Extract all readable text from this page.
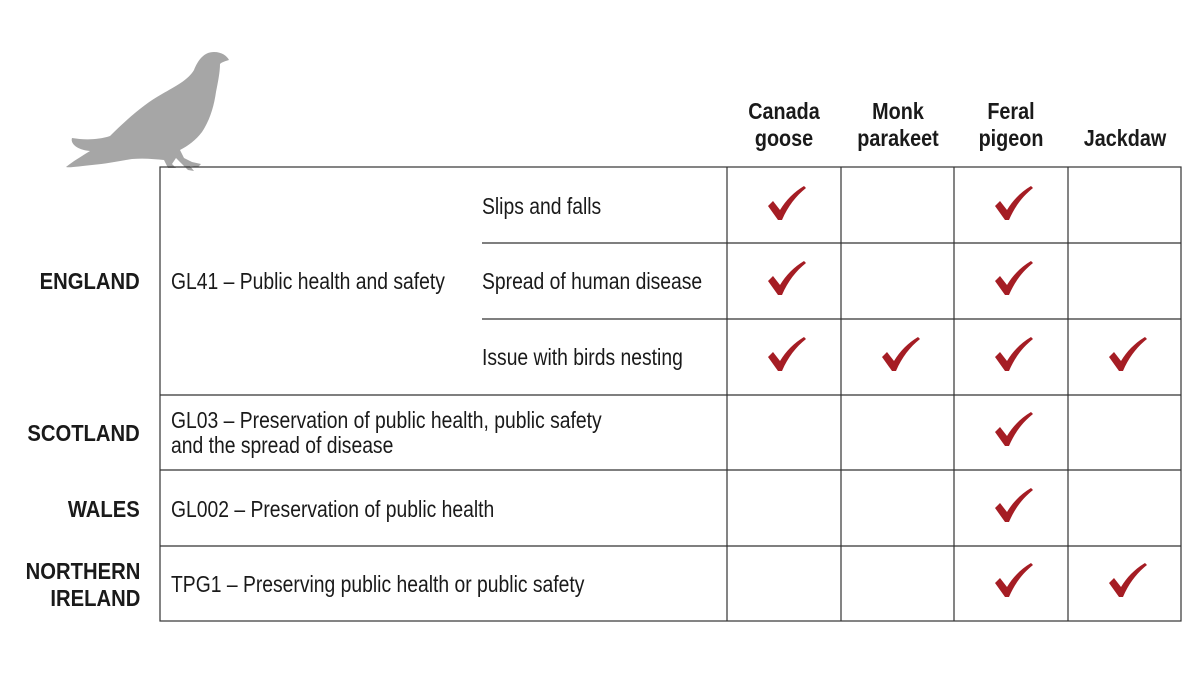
Canada
goose
Monk
parakeet
Feral
pigeon	Jackdaw
ENGLAND
SCOTLAND
WALES
NORTHERN
IRELAND
GL41 – Public health and safety
GL03 – Preservation of public health, public safety
and the spread of disease
GL002 – Preservation of public health
TPG1 – Preserving public health or public safety
Slips and falls
Spread of human disease
Issue with birds nesting
